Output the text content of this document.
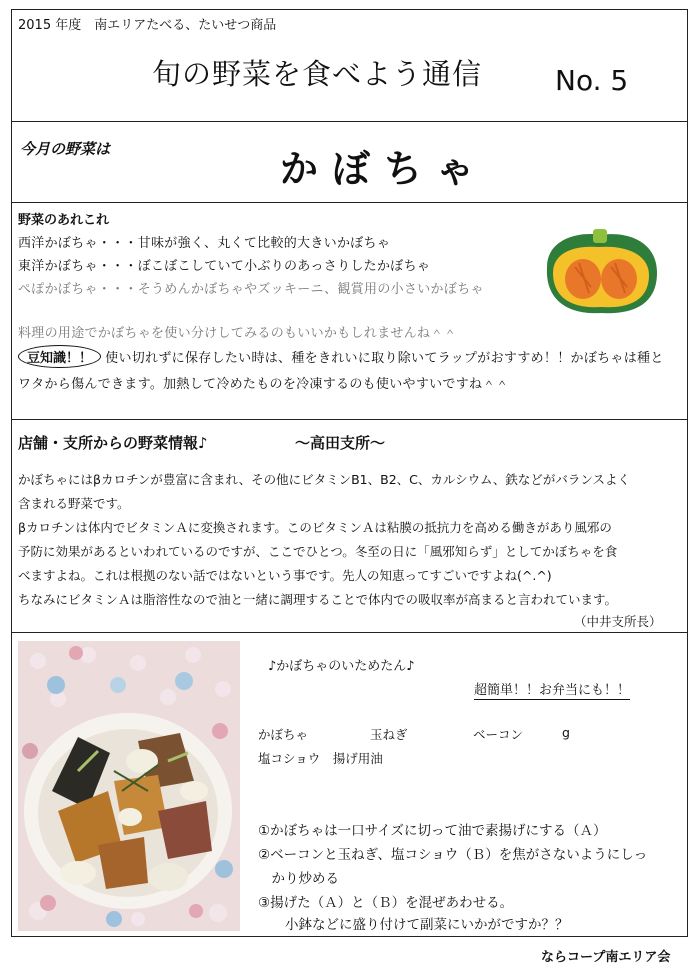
2015 年度　南エリアたべる、たいせつ商品
旬の野菜を食べよう通信	No. 5
今月の野菜は	かぼちゃ
野菜のあれこれ
西洋かぼちゃ・・・甘味が強く、丸くて比較的大きいかぼちゃ
東洋かぼちゃ・・・ぼこぼこしていて小ぶりのあっさりしたかぼちゃ
ぺぽかぼちゃ・・・そうめんかぼちゃやズッキーニ、観賞用の小さいかぼちゃ
料理の用途でかぼちゃを使い分けしてみるのもいいかもしれませんね＾＾
豆知識！！ 使い切れずに保存したい時は、種をきれいに取り除いてラップがおすすめ！！かぼちゃは種と
ワタから傷んできます。加熱して冷めたものを冷凍するのも使いやすいですね＾＾
店舗・支所からの野菜情報♪	～高田支所～
かぼちゃにはβカロチンが豊富に含まれ、その他にビタミンB1、B2、C、カルシウム、鉄などがバランスよく
含まれる野菜です。
βカロチンは体内でビタミンＡに変換されます。このビタミンＡは粘膜の抵抗力を高める働きがあり風邪の
予防に効果があるといわれているのですが、ここでひとつ。冬至の日に「風邪知らず」としてかぼちゃを食
べますよね。これは根拠のない話ではないという事です。先人の知恵ってすごいですよね(^.^)
ちなみにビタミンＡは脂溶性なので油と一緒に調理することで体内での吸収率が高まると言われています。
（中井支所長）
♪かぼちゃのいためたん♪
超簡単！！お弁当にも！！
かぼちゃ	玉ねぎ	ベーコン	g
塩コショウ　揚げ用油
①かぼちゃは一口サイズに切って油で素揚げにする（Ａ）
②ベーコンと玉ねぎ、塩コショウ（Ｂ）を焦がさないようにしっ
　かり炒める
③揚げた（Ａ）と（Ｂ）を混ぜあわせる。
　　小鉢などに盛り付けて副菜にいかがですか？？
ならコープ南エリア会
